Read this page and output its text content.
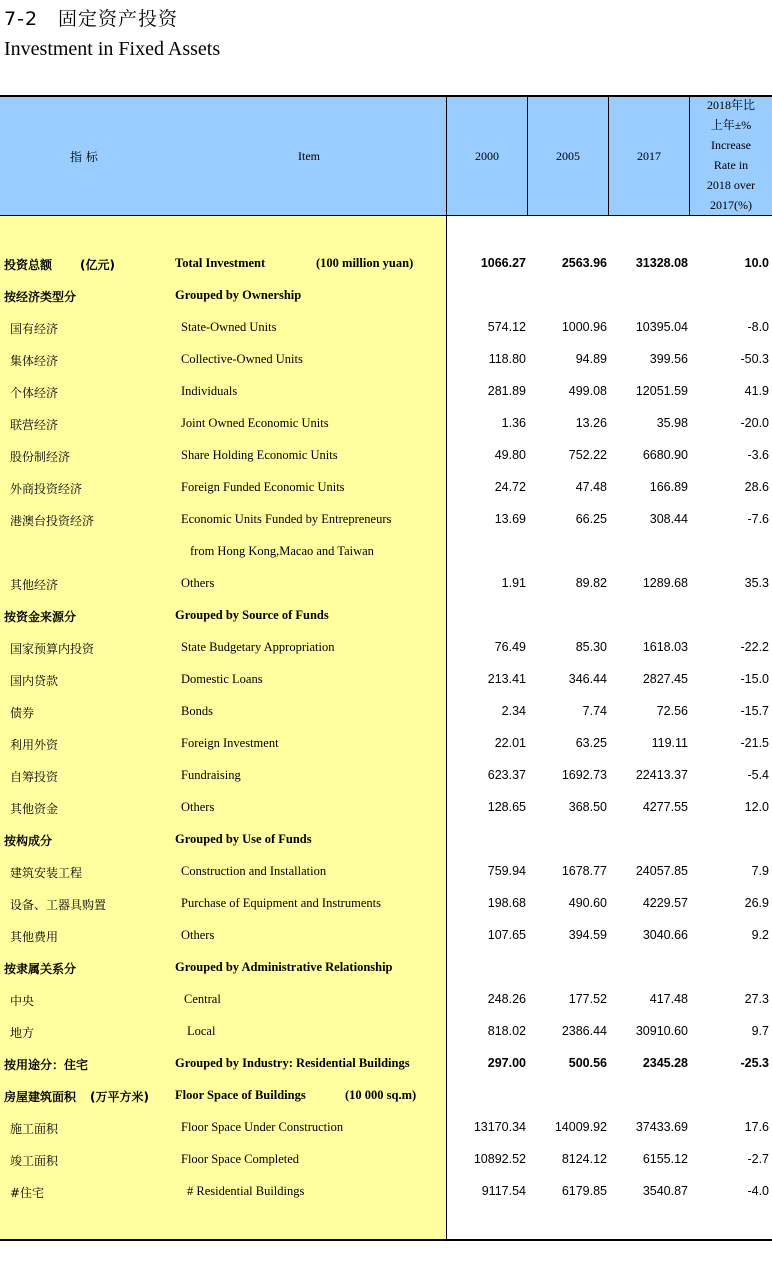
7-2　固定资产投资
Investment in Fixed Assets
指 标	Item	2000	2005	2017
2018年比
上年±%
Increase
Rate in
2018 over
2017(%)
投资总额 (亿元)	Total Investment	(100 million yuan)	1066.27	2563.96 31328.08	10.0
按经济类型分	Grouped by Ownership
国有经济	State-Owned Units	574.12	1000.96 10395.04	-8.0
集体经济	Collective-Owned Units	118.80	94.89	399.56	-50.3
个体经济	Individuals	281.89	499.08 12051.59	41.9
联营经济	Joint Owned Economic Units	1.36	13.26	35.98	-20.0
股份制经济	Share Holding Economic Units	49.80	752.22	6680.90	-3.6
外商投资经济	Foreign Funded Economic Units	24.72	47.48	166.89	28.6
港澳台投资经济	Economic Units Funded by Entrepreneurs	13.69	66.25	308.44	-7.6
from Hong Kong,Macao and Taiwan
其他经济	Others	1.91	89.82	1289.68	35.3
按资金来源分	Grouped by Source of Funds
国家预算内投资	State Budgetary Appropriation	76.49	85.30	1618.03	-22.2
国内贷款	Domestic Loans	213.41	346.44	2827.45	-15.0
债券	Bonds	2.34	7.74	72.56	-15.7
利用外资	Foreign Investment	22.01	63.25	119.11	-21.5
自筹投资	Fundraising	623.37	1692.73 22413.37	-5.4
其他资金	Others	128.65	368.50	4277.55	12.0
按构成分	Grouped by Use of Funds
建筑安装工程	Construction and Installation	759.94	1678.77 24057.85	7.9
设备、工器具购置	Purchase of Equipment and Instruments	198.68	490.60	4229.57	26.9
其他费用	Others	107.65	394.59	3040.66	9.2
按隶属关系分	Grouped by Administrative Relationship
中央	Central	248.26	177.52	417.48	27.3
地方	Local	818.02	2386.44 30910.60	9.7
按用途分：住宅	Grouped by Industry: Residential Buildings	297.00	500.56	2345.28	-25.3
房屋建筑面积 (万平方米) Floor Space of Buildings	(10 000 sq.m)
施工面积	Floor Space Under Construction	13170.34 14009.92 37433.69	17.6
竣工面积	Floor Space Completed	10892.52	8124.12	6155.12	-2.7
#住宅	# Residential Buildings	9117.54	6179.85	3540.87	-4.0
